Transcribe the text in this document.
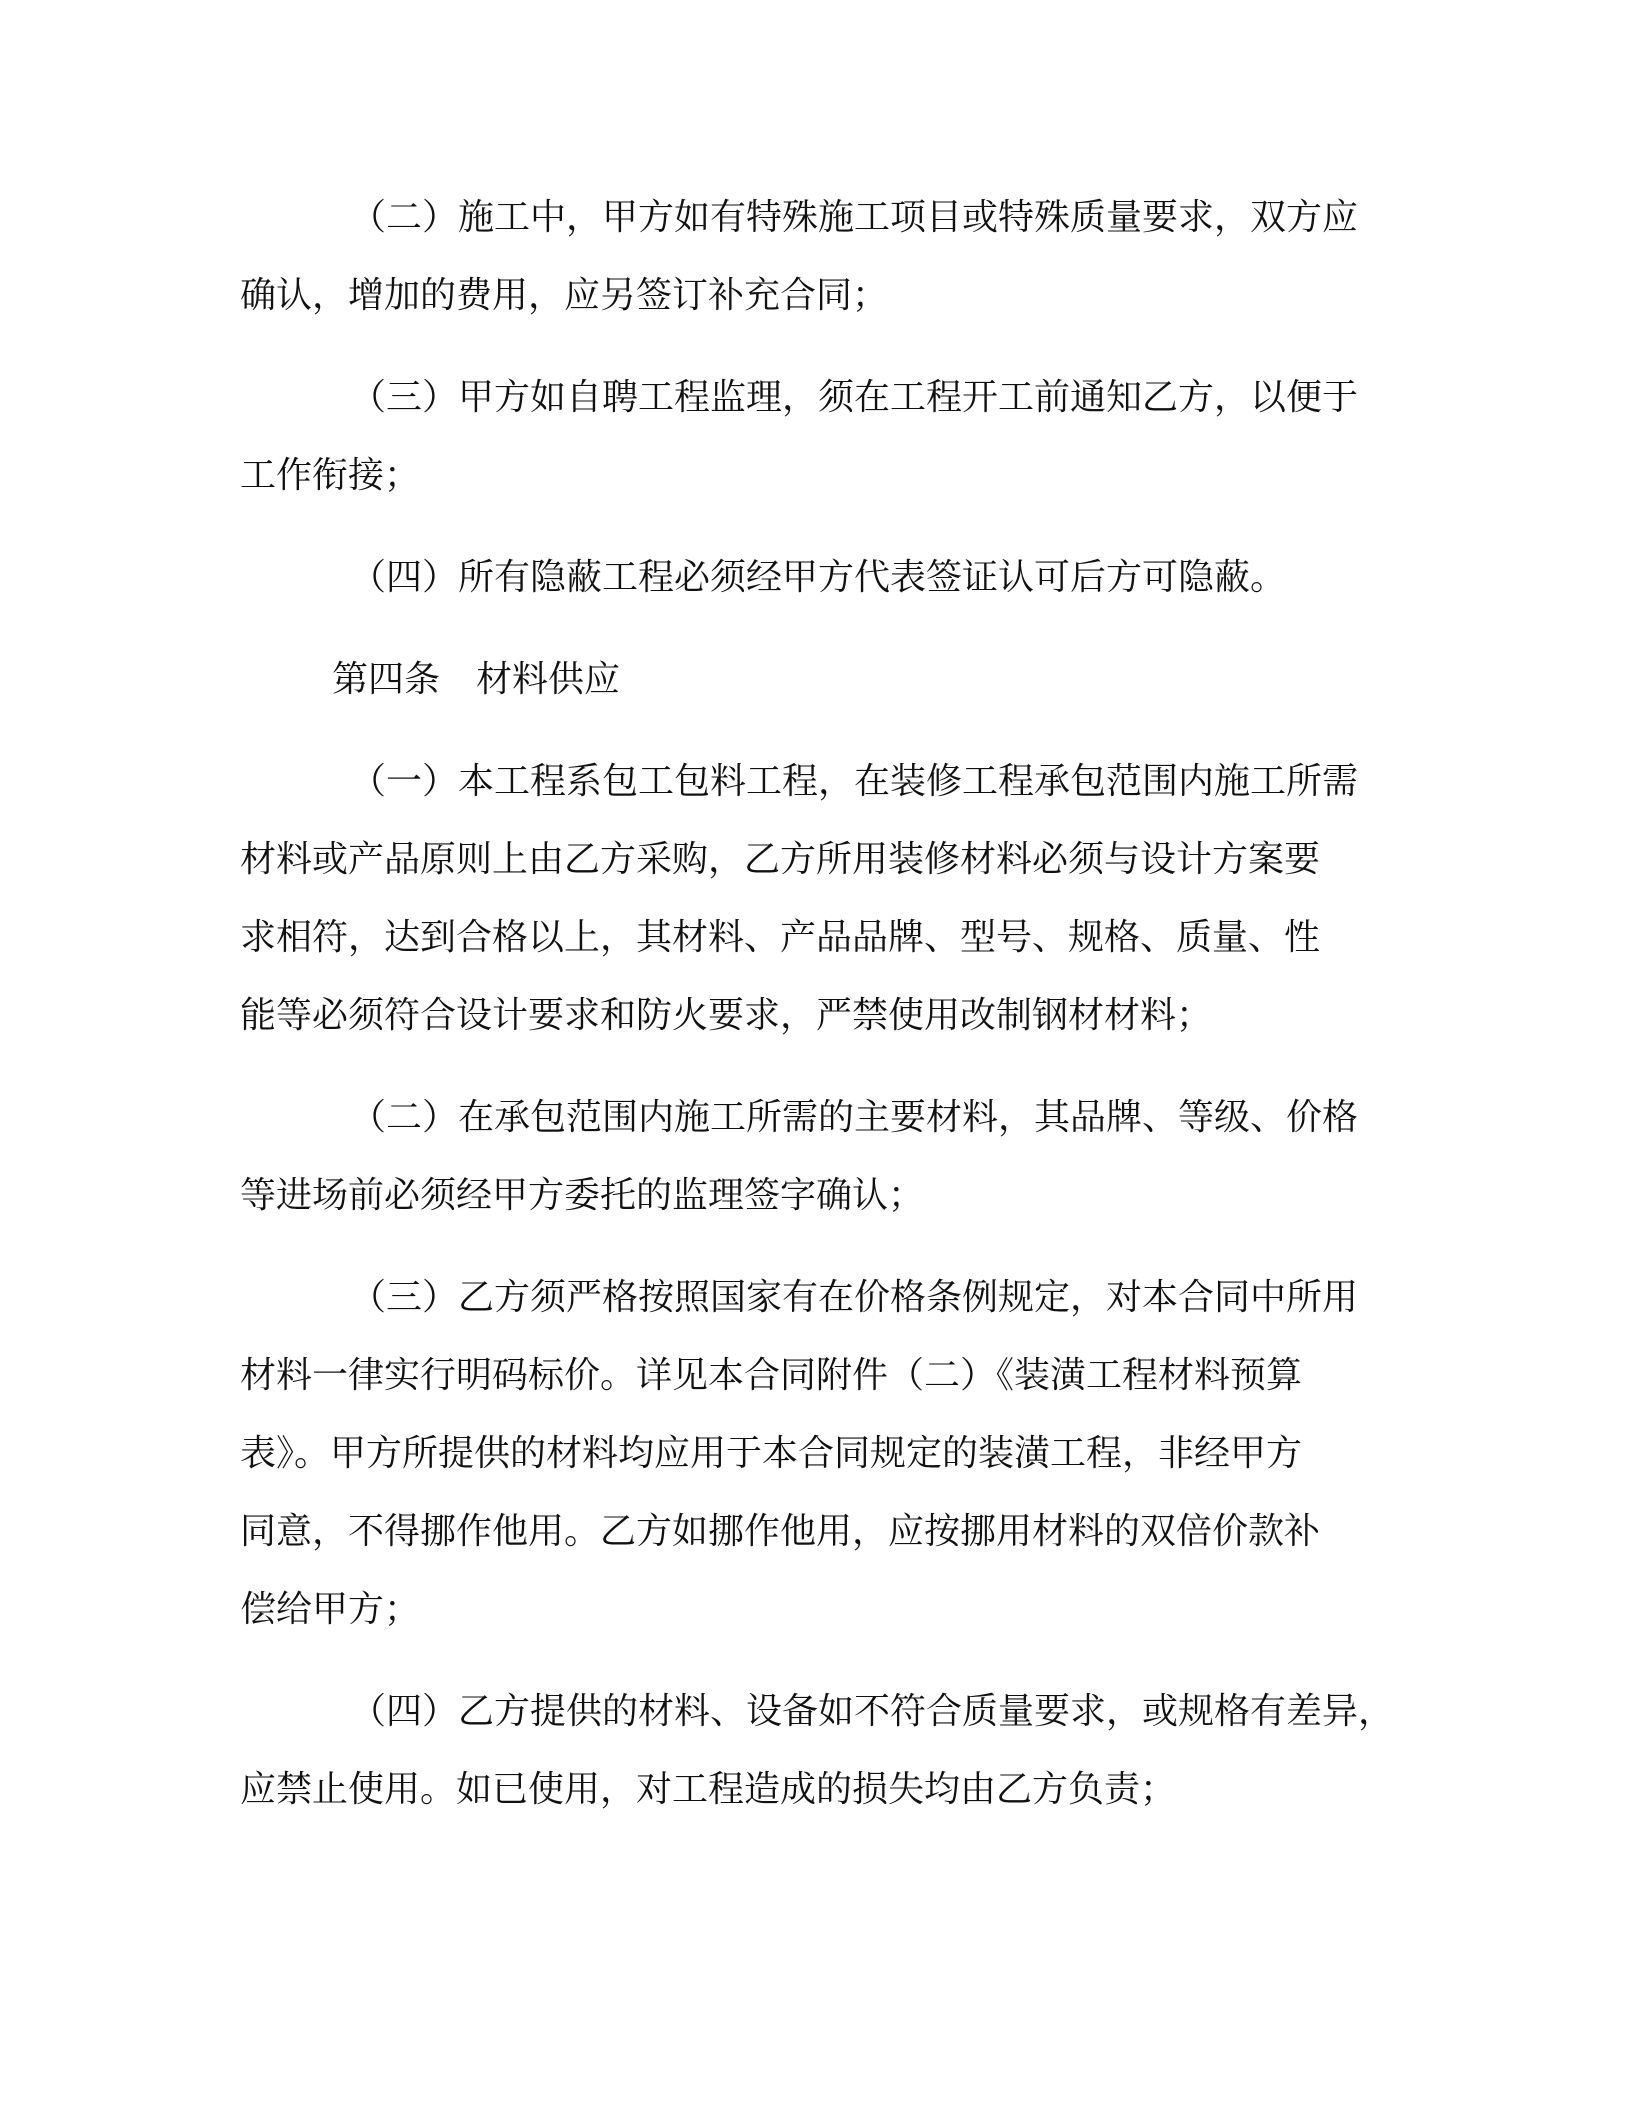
（二）施工中，甲方如有特殊施工项目或特殊质量要求，双方应
确认，增加的费用，应另签订补充合同；
（三）甲方如自聘工程监理，须在工程开工前通知乙方，以便于
工作衔接；
（四）所有隐蔽工程必须经甲方代表签证认可后方可隐蔽。
第四条　材料供应
（一）本工程系包工包料工程，在装修工程承包范围内施工所需
材料或产品原则上由乙方采购，乙方所用装修材料必须与设计方案要
求相符，达到合格以上，其材料、产品品牌、型号、规格、质量、性
能等必须符合设计要求和防火要求，严禁使用改制钢材材料；
（二）在承包范围内施工所需的主要材料，其品牌、等级、价格
等进场前必须经甲方委托的监理签字确认；
（三）乙方须严格按照国家有在价格条例规定，对本合同中所用
材料一律实行明码标价。详见本合同附件（二）《装潢工程材料预算
表》。甲方所提供的材料均应用于本合同规定的装潢工程，非经甲方
同意，不得挪作他用。乙方如挪作他用，应按挪用材料的双倍价款补
偿给甲方；
（四）乙方提供的材料、设备如不符合质量要求，或规格有差异，
应禁止使用。如已使用，对工程造成的损失均由乙方负责；
